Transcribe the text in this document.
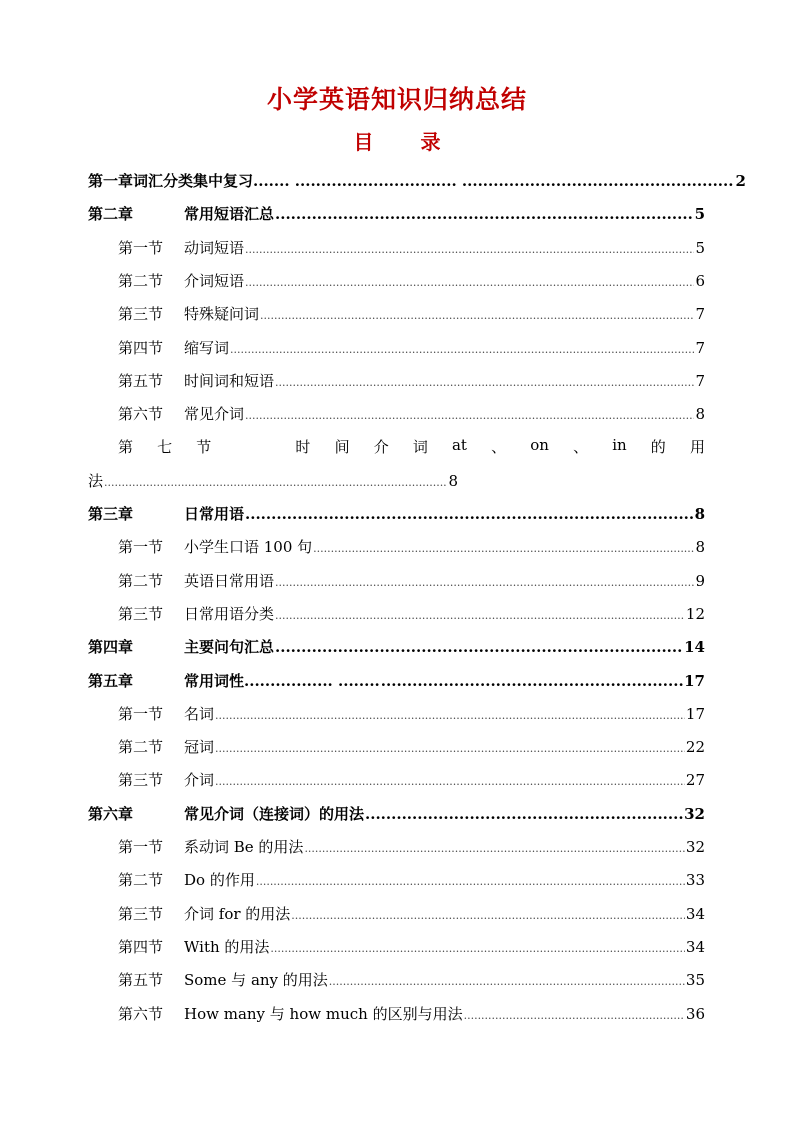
小学英语知识归纳总结
目 录
第一章 词汇分类集中复习....... ............................... .................................................... 2
第二章	常用短语汇总 .....	5
第一节	动词短语 .....	5
第二节	介词短语 .....	6
第三节	特殊疑问词 .....	7
第四节	缩写词 .....	7
第五节	时间词和短语 .....	7
第六节	常见介词 .....	8
第 七 节	时 间 介 词 at 、 on 、 in 的 用
法 .....	8
第三章	日常用语 .....	8
第一节	小学生口语 100 句 .....	8
第二节	英语日常用语 .....	9
第三节	日常用语分类 .....	12
第四章	主要问句汇总 .....	14
第五章	常用词性................. ........ .....	17
第一节	名词 .....	17
第二节	冠词 .....	22
第三节	介词 .....	27
第六章	常见介词（连接词）的用法 .....	32
第一节	系动词 Be 的用法 .....	32
第二节	Do 的作用 .....	33
第三节	介词 for 的用法 .....	34
第四节	With 的用法 .....	34
第五节	Some 与 any 的用法 .....	35
第六节	How many 与 how much 的区别与用法 .....	36
